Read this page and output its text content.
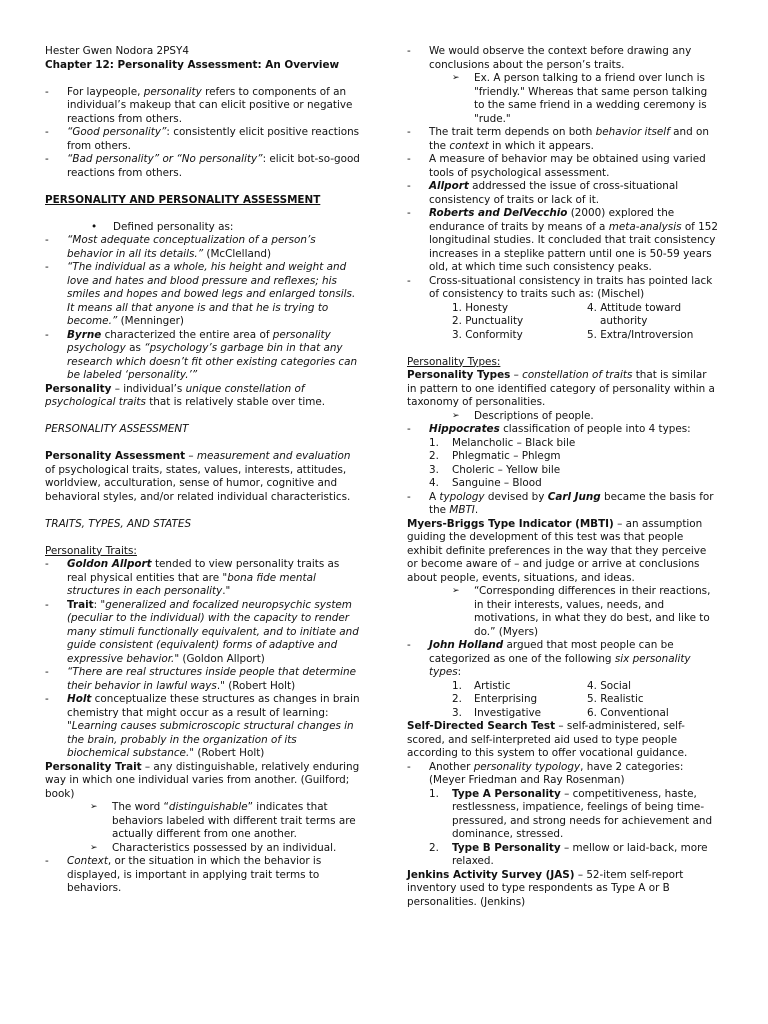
Hester Gwen Nodora 2PSY4

Chapter 12: Personality Assessment: An Overview

- For laypeople, personality refers to components of an individual’s makeup that can elicit positive or negative reactions from others.

- “Good personality”: consistently elicit positive reactions from others.

- “Bad personality” or “No personality”: elicit bot-so-good reactions from others.

PERSONALITY AND PERSONALITY ASSESSMENT

• Defined personality as:

- “Most adequate conceptualization of a person’s behavior in all its details.” (McClelland)

- “The individual as a whole, his height and weight and love and hates and blood pressure and reflexes; his smiles and hopes and bowed legs and enlarged tonsils. It means all that anyone is and that he is trying to become.” (Menninger)

- Byrne characterized the entire area of personality psychology as “psychology’s garbage bin in that any research which doesn’t fit other existing categories can be labeled ‘personality.’”

Personality – individual’s unique constellation of psychological traits that is relatively stable over time.

PERSONALITY ASSESSMENT

Personality Assessment – measurement and evaluation of psychological traits, states, values, interests, attitudes, worldview, acculturation, sense of humor, cognitive and behavioral styles, and/or related individual characteristics.

TRAITS, TYPES, AND STATES

Personality Traits:

- Goldon Allport tended to view personality traits as real physical entities that are "bona fide mental structures in each personality."

- Trait: "generalized and focalized neuropsychic system (peculiar to the individual) with the capacity to render many stimuli functionally equivalent, and to initiate and guide consistent (equivalent) forms of adaptive and expressive behavior." (Goldon Allport)

- “There are real structures inside people that determine their behavior in lawful ways." (Robert Holt)

- Holt conceptualize these structures as changes in brain chemistry that might occur as a result of learning: "Learning causes submicroscopic structural changes in the brain, probably in the organization of its biochemical substance." (Robert Holt)

Personality Trait – any distinguishable, relatively enduring way in which one individual varies from another. (Guilford; book)

➢ The word “distinguishable” indicates that behaviors labeled with different trait terms are actually different from one another.

➢ Characteristics possessed by an individual.

- Context, or the situation in which the behavior is displayed, is important in applying trait terms to behaviors.

- We would observe the context before drawing any conclusions about the person’s traits.

➢ Ex. A person talking to a friend over lunch is "friendly." Whereas that same person talking to the same friend in a wedding ceremony is "rude."

- The trait term depends on both behavior itself and on the context in which it appears.

- A measure of behavior may be obtained using varied tools of psychological assessment.

- Allport addressed the issue of cross-situational consistency of traits or lack of it.

- Roberts and DelVecchio (2000) explored the endurance of traits by means of a meta-analysis of 152 longitudinal studies. It concluded that trait consistency increases in a steplike pattern until one is 50-59 years old, at which time such consistency peaks.

- Cross-situational consistency in traits has pointed lack of consistency to traits such as: (Mischel)

1. Honesty	4. Attitude toward

2. Punctuality	authority

3. Conformity	5. Extra/Introversion

Personality Types:

Personality Types – constellation of traits that is similar in pattern to one identified category of personality within a taxonomy of personalities.

➢ Descriptions of people.

- Hippocrates classification of people into 4 types:

1. Melancholic – Black bile

2. Phlegmatic – Phlegm

3. Choleric – Yellow bile

4. Sanguine – Blood

- A typology devised by Carl Jung became the basis for the MBTI.

Myers-Briggs Type Indicator (MBTI) – an assumption guiding the development of this test was that people exhibit definite preferences in the way that they perceive or become aware of – and judge or arrive at conclusions about people, events, situations, and ideas.

➢ “Corresponding differences in their reactions, in their interests, values, needs, and motivations, in what they do best, and like to do.” (Myers)

- John Holland argued that most people can be categorized as one of the following six personality types:

1.	Artistic	4. Social

2.	Enterprising	5. Realistic

3.	Investigative	6. Conventional

Self-Directed Search Test – self-administered, self-scored, and self-interpreted aid used to type people according to this system to offer vocational guidance.

- Another personality typology, have 2 categories: (Meyer Friedman and Ray Rosenman)

1. Type A Personality – competitiveness, haste, restlessness, impatience, feelings of being time-pressured, and strong needs for achievement and dominance, stressed.

2. Type B Personality – mellow or laid-back, more relaxed.

Jenkins Activity Survey (JAS) – 52-item self-report inventory used to type respondents as Type A or B personalities. (Jenkins)
